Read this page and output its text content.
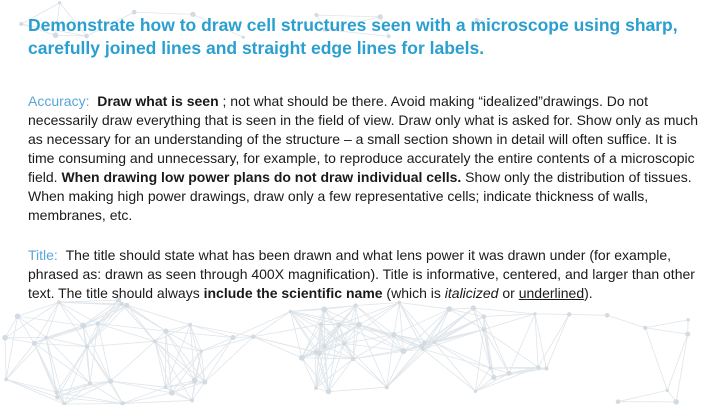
Demonstrate how to draw cell structures seen with a microscope using sharp, carefully joined lines and straight edge lines for labels.

Accuracy: Draw what is seen ; not what should be there. Avoid making “idealized”drawings. Do not necessarily draw everything that is seen in the field of view. Draw only what is asked for. Show only as much as necessary for an understanding of the structure – a small section shown in detail will often suffice. It is time consuming and unnecessary, for example, to reproduce accurately the entire contents of a microscopic field. When drawing low power plans do not draw individual cells. Show only the distribution of tissues. When making high power drawings, draw only a few representative cells; indicate thickness of walls, membranes, etc.

Title: The title should state what has been drawn and what lens power it was drawn under (for example, phrased as: drawn as seen through 400X magnification). Title is informative, centered, and larger than other text. The title should always include the scientific name (which is italicized or underlined).
